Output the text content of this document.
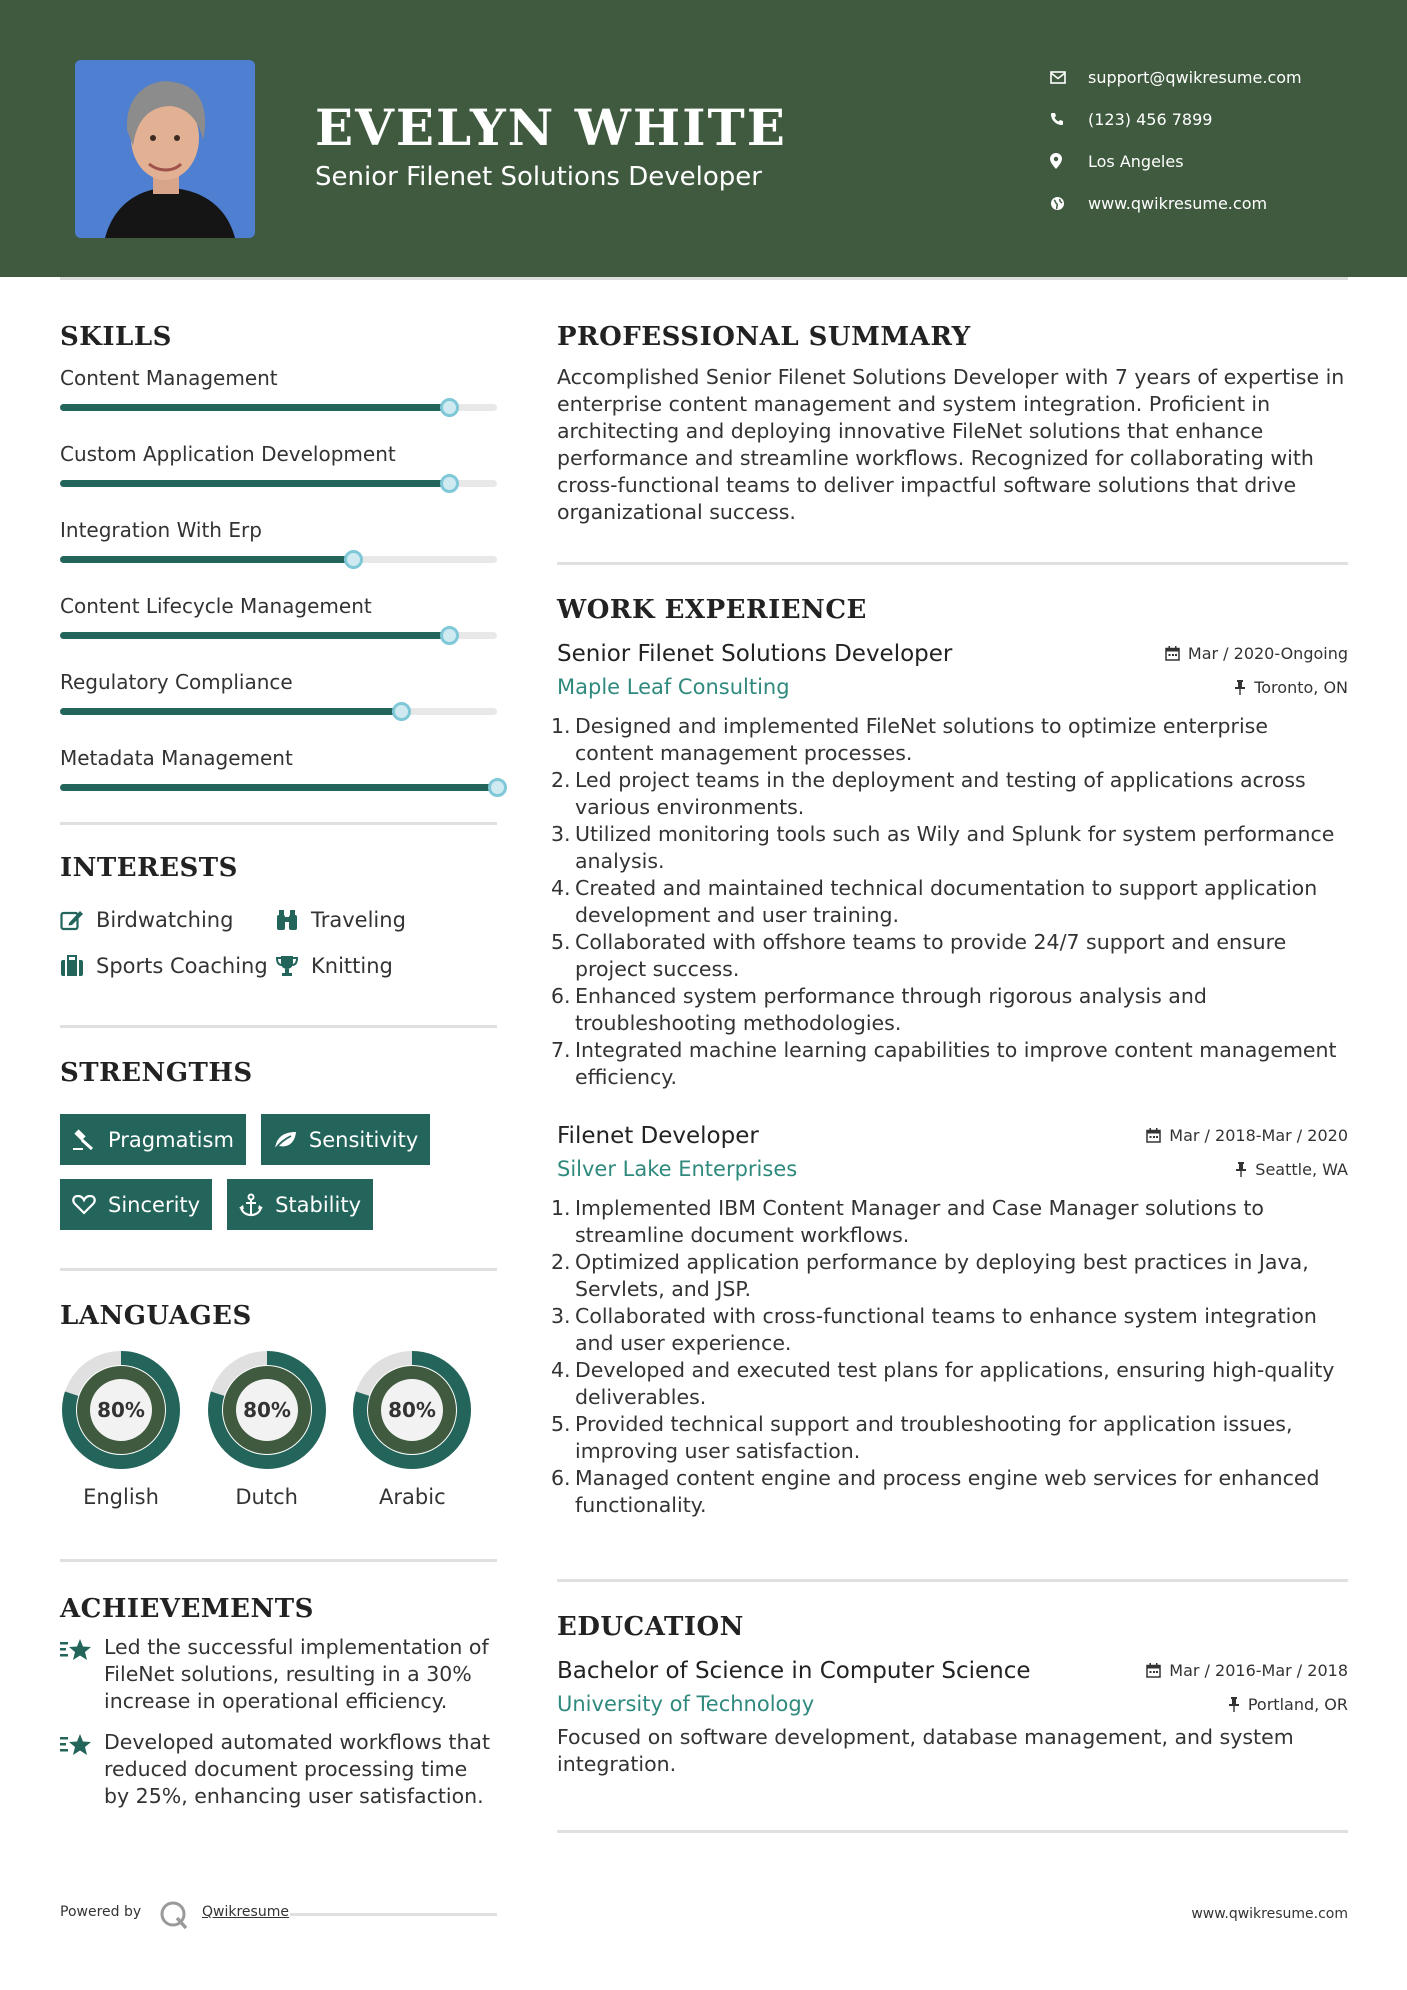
EVELYN WHITE
Senior Filenet Solutions Developer
support@qwikresume.com
(123) 456 7899
Los Angeles
www.qwikresume.com
SKILLS
Content Management
Custom Application Development
Integration With Erp
Content Lifecycle Management
Regulatory Compliance
Metadata Management
INTERESTS
Birdwatching	Traveling
Sports Coaching Knitting
STRENGTHS
Pragmatism	Sensitivity
Sincerity	Stability
LANGUAGES
80%
English
80%
Dutch
80%
Arabic
ACHIEVEMENTS
Led the successful implementation of FileNet solutions, resulting in a 30% increase in operational efficiency.
Developed automated workflows that reduced document processing time by 25%, enhancing user satisfaction.
PROFESSIONAL SUMMARY
Accomplished Senior Filenet Solutions Developer with 7 years of expertise in enterprise content management and system integration. Proficient in architecting and deploying innovative FileNet solutions that enhance performance and streamline workflows. Recognized for collaborating with cross-functional teams to deliver impactful software solutions that drive organizational success.
WORK EXPERIENCE
Senior Filenet Solutions Developer	Mar / 2020-Ongoing
Maple Leaf Consulting	Toronto, ON
1. Designed and implemented FileNet solutions to optimize enterprise content management processes.
2. Led project teams in the deployment and testing of applications across various environments.
3. Utilized monitoring tools such as Wily and Splunk for system performance analysis.
4. Created and maintained technical documentation to support application development and user training.
5. Collaborated with offshore teams to provide 24/7 support and ensure project success.
6. Enhanced system performance through rigorous analysis and troubleshooting methodologies.
7. Integrated machine learning capabilities to improve content management efficiency.
Filenet Developer	Mar / 2018-Mar / 2020
Silver Lake Enterprises	Seattle, WA
1. Implemented IBM Content Manager and Case Manager solutions to streamline document workflows.
2. Optimized application performance by deploying best practices in Java, Servlets, and JSP.
3. Collaborated with cross-functional teams to enhance system integration and user experience.
4. Developed and executed test plans for applications, ensuring high-quality deliverables.
5. Provided technical support and troubleshooting for application issues, improving user satisfaction.
6. Managed content engine and process engine web services for enhanced functionality.
EDUCATION
Bachelor of Science in Computer Science	Mar / 2016-Mar / 2018
University of Technology	Portland, OR
Focused on software development, database management, and system integration.
Powered by	Qwikresume	www.qwikresume.com
